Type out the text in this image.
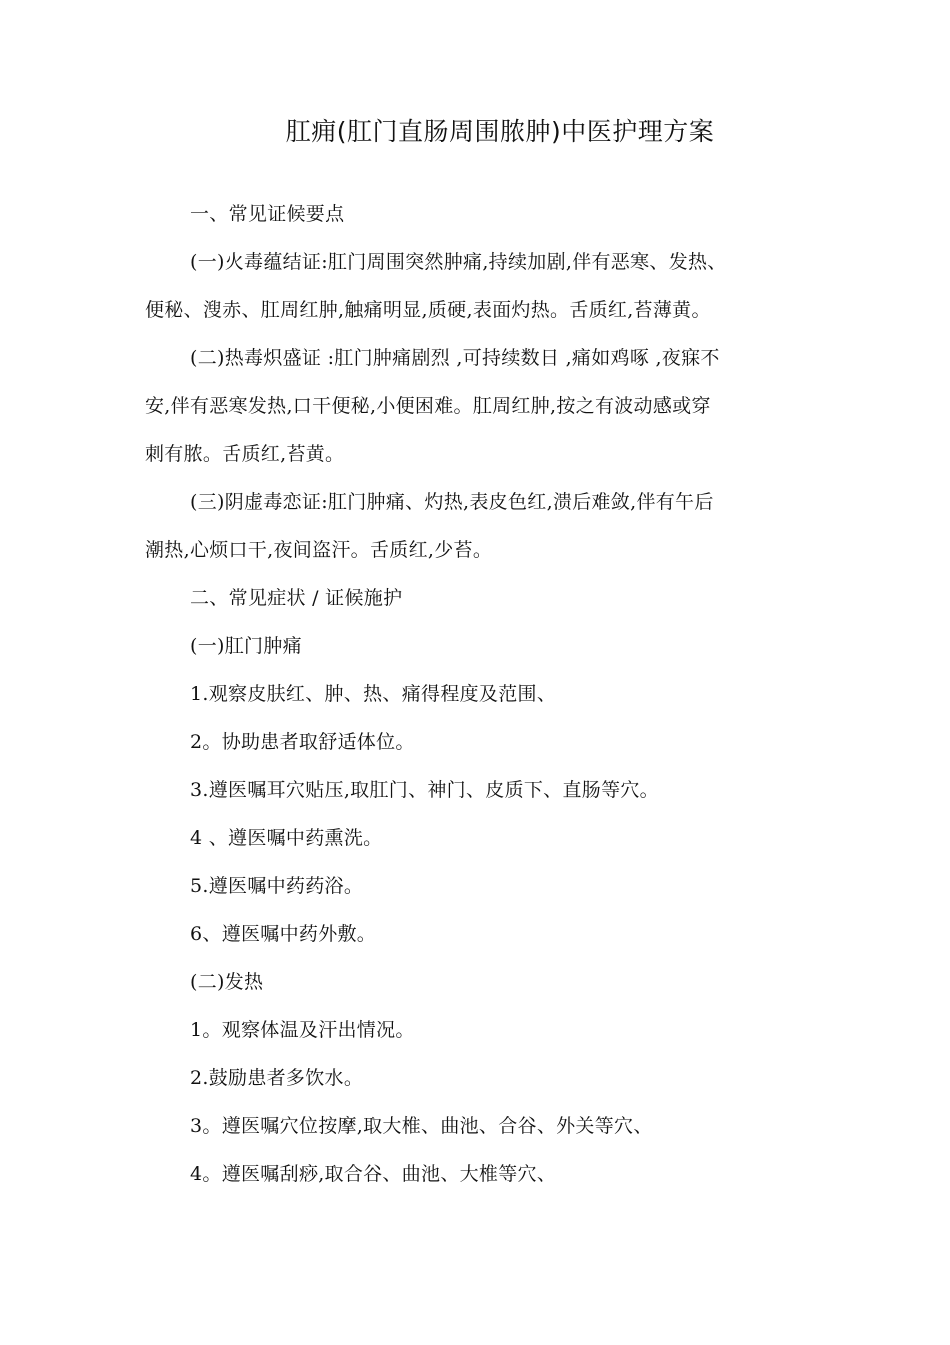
肛痈(肛门直肠周围脓肿)中医护理方案

一、常见证候要点

(一)火毒蕴结证:肛门周围突然肿痛,持续加剧,伴有恶寒、发热、

便秘、溲赤、肛周红肿,触痛明显,质硬,表面灼热。舌质红,苔薄黄。

(二)热毒炽盛证 :肛门肿痛剧烈 ,可持续数日 ,痛如鸡啄 ,夜寐不

安,伴有恶寒发热,口干便秘,小便困难。肛周红肿,按之有波动感或穿

刺有脓。舌质红,苔黄。

(三)阴虚毒恋证:肛门肿痛、灼热,表皮色红,溃后难敛,伴有午后

潮热,心烦口干,夜间盗汗。舌质红,少苔。

二、常见症状 / 证候施护

(一)肛门肿痛

1.观察皮肤红、肿、热、痛得程度及范围、

2。协助患者取舒适体位。

3.遵医嘱耳穴贴压,取肛门、神门、皮质下、直肠等穴。

4 、遵医嘱中药熏洗。

5.遵医嘱中药药浴。

6、遵医嘱中药外敷。

(二)发热

1。观察体温及汗出情况。

2.鼓励患者多饮水。

3。遵医嘱穴位按摩,取大椎、曲池、合谷、外关等穴、

4。遵医嘱刮痧,取合谷、曲池、大椎等穴、
